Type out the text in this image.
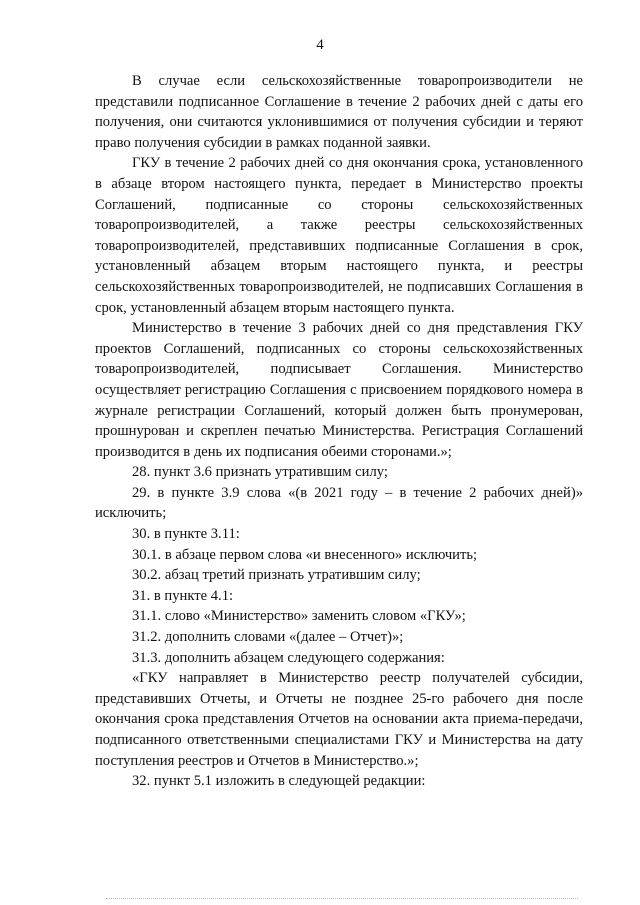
4

В случае если сельскохозяйственные товаропроизводители не представили подписанное Соглашение в течение 2 рабочих дней с даты его получения, они считаются уклонившимися от получения субсидии и теряют право получения субсидии в рамках поданной заявки.

ГКУ в течение 2 рабочих дней со дня окончания срока, установленного в абзаце втором настоящего пункта, передает в Министерство проекты Соглашений, подписанные со стороны сельскохозяйственных товаропроизводителей, а также реестры сельскохозяйственных товаропроизводителей, представивших подписанные Соглашения в срок, установленный абзацем вторым настоящего пункта, и реестры сельскохозяйственных товаропроизводителей, не подписавших Соглашения в срок, установленный абзацем вторым настоящего пункта.

Министерство в течение 3 рабочих дней со дня представления ГКУ проектов Соглашений, подписанных со стороны сельскохозяйственных товаропроизводителей, подписывает Соглашения. Министерство осуществляет регистрацию Соглашения с присвоением порядкового номера в журнале регистрации Соглашений, который должен быть пронумерован, прошнурован и скреплен печатью Министерства. Регистрация Соглашений производится в день их подписания обеими сторонами.»;

28. пункт 3.6 признать утратившим силу;

29. в пункте 3.9 слова «(в 2021 году – в течение 2 рабочих дней)» исключить;

30. в пункте 3.11:

30.1. в абзаце первом слова «и внесенного» исключить;

30.2. абзац третий признать утратившим силу;

31. в пункте 4.1:

31.1. слово «Министерство» заменить словом «ГКУ»;

31.2. дополнить словами «(далее – Отчет)»;

31.3. дополнить абзацем следующего содержания:

«ГКУ направляет в Министерство реестр получателей субсидии, представивших Отчеты, и Отчеты не позднее 25-го рабочего дня после окончания срока представления Отчетов на основании акта приема-передачи, подписанного ответственными специалистами ГКУ и Министерства на дату поступления реестров и Отчетов в Министерство.»;

32. пункт 5.1 изложить в следующей редакции:
